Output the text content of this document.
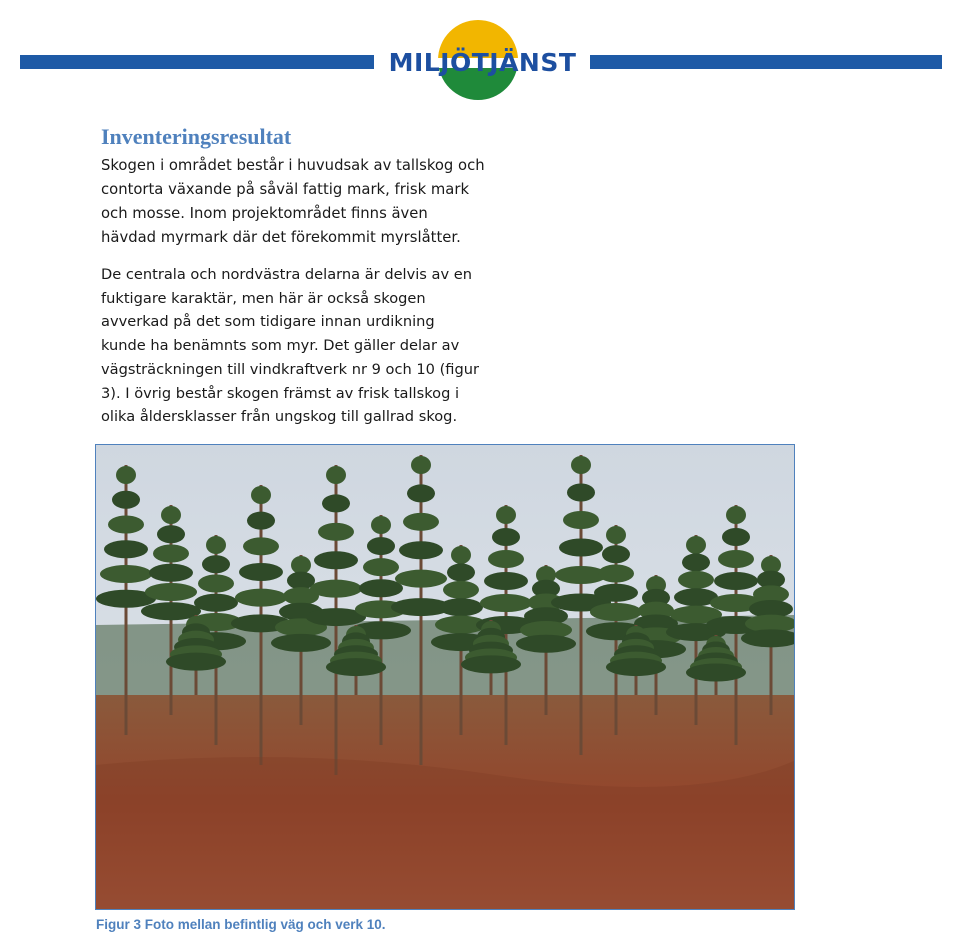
MILJÖTJÄNST
Inventeringsresultat
Skogen i området består i huvudsak av tallskog och
contorta växande på såväl fattig mark, frisk mark
och mosse. Inom projektområdet finns även
hävdad myrmark där det förekommit myrslåtter.
De centrala och nordvästra delarna är delvis av en
fuktigare karaktär, men här är också skogen
avverkad på det som tidigare innan urdikning
kunde ha benämnts som myr. Det gäller delar av
vägsträckningen till vindkraftverk nr 9 och 10 (figur
3). I övrig består skogen främst av frisk tallskog i
olika åldersklasser från ungskog till gallrad skog.
Figur 3 Foto mellan befintlig väg och verk 10.
